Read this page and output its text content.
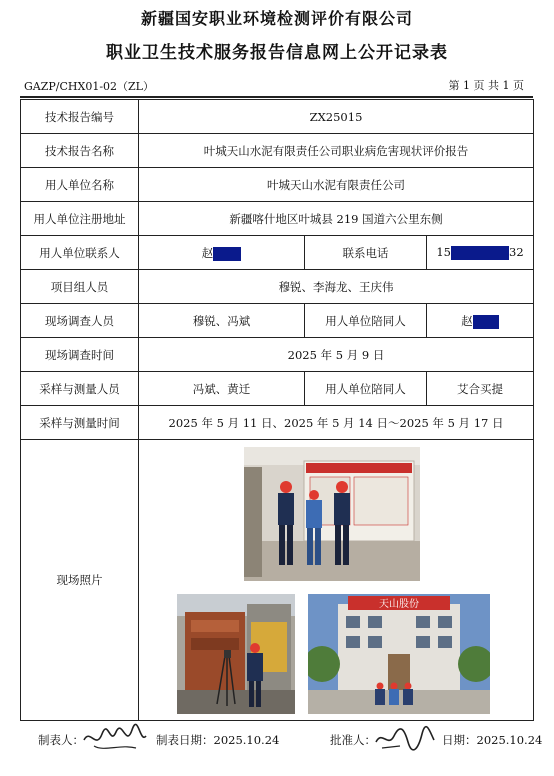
新疆国安职业环境检测评价有限公司
职业卫生技术服务报告信息网上公开记录表
GAZP/CHX01-02（ZL）	第 1 页 共 1 页
技术报告编号	ZX25015		
技术报告名称	叶城天山水泥有限责任公司职业病危害现状评价报告		
用人单位名称	叶城天山水泥有限责任公司		
用人单位注册地址	新疆喀什地区叶城县 219 国道六公里东侧		
用人单位联系人	赵	联系电话	15 32
项目组人员	穆锐、李海龙、王庆伟		
现场调查人员	穆锐、冯斌	用人单位陪同人	赵
现场调查时间	2025 年 5 月 9 日		
采样与测量人员	冯斌、黄迁	用人单位陪同人	艾合买提
采样与测量时间	2025 年 5 月 11 日、2025 年 5 月 14 日～2025 年 5 月 17 日		
现场照片	天山股份		
制表人：	制表日期：2025.10.24	批准人：	日期：2025.10.24
